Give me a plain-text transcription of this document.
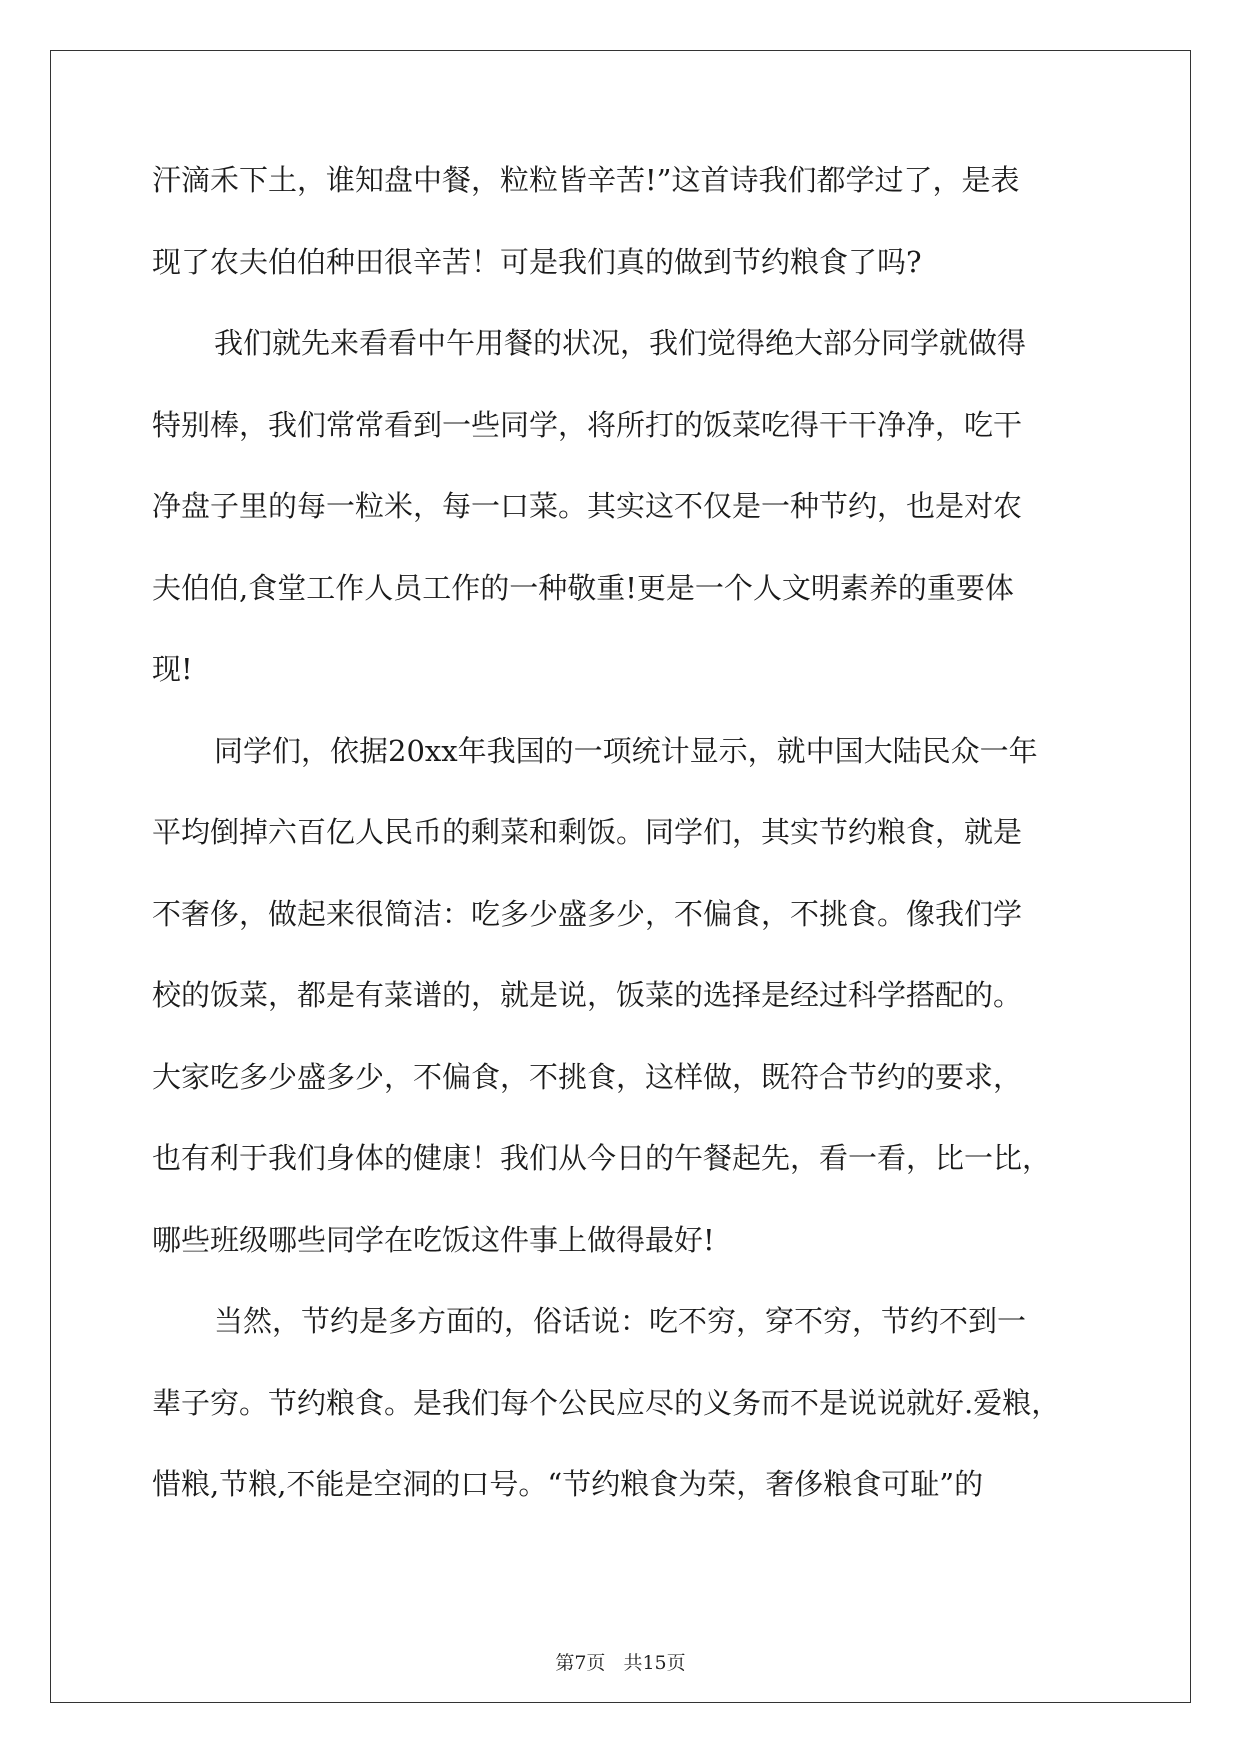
汗滴禾下土，谁知盘中餐，粒粒皆辛苦!”这首诗我们都学过了，是表
现了农夫伯伯种田很辛苦！可是我们真的做到节约粮食了吗?
我们就先来看看中午用餐的状况，我们觉得绝大部分同学就做得
特别棒，我们常常看到一些同学，将所打的饭菜吃得干干净净，吃干
净盘子里的每一粒米，每一口菜。其实这不仅是一种节约，也是对农
夫伯伯,食堂工作人员工作的一种敬重!更是一个人文明素养的重要体
现!
同学们，依据20xx年我国的一项统计显示，就中国大陆民众一年
平均倒掉六百亿人民币的剩菜和剩饭。同学们，其实节约粮食，就是
不奢侈，做起来很简洁：吃多少盛多少，不偏食，不挑食。像我们学
校的饭菜，都是有菜谱的，就是说，饭菜的选择是经过科学搭配的。
大家吃多少盛多少，不偏食，不挑食，这样做，既符合节约的要求，
也有利于我们身体的健康！我们从今日的午餐起先，看一看，比一比，
哪些班级哪些同学在吃饭这件事上做得最好!
当然，节约是多方面的，俗话说：吃不穷，穿不穷，节约不到一
辈子穷。节约粮食。是我们每个公民应尽的义务而不是说说就好.爱粮，
惜粮,节粮,不能是空洞的口号。“节约粮食为荣，奢侈粮食可耻”的
第7页 共15页
